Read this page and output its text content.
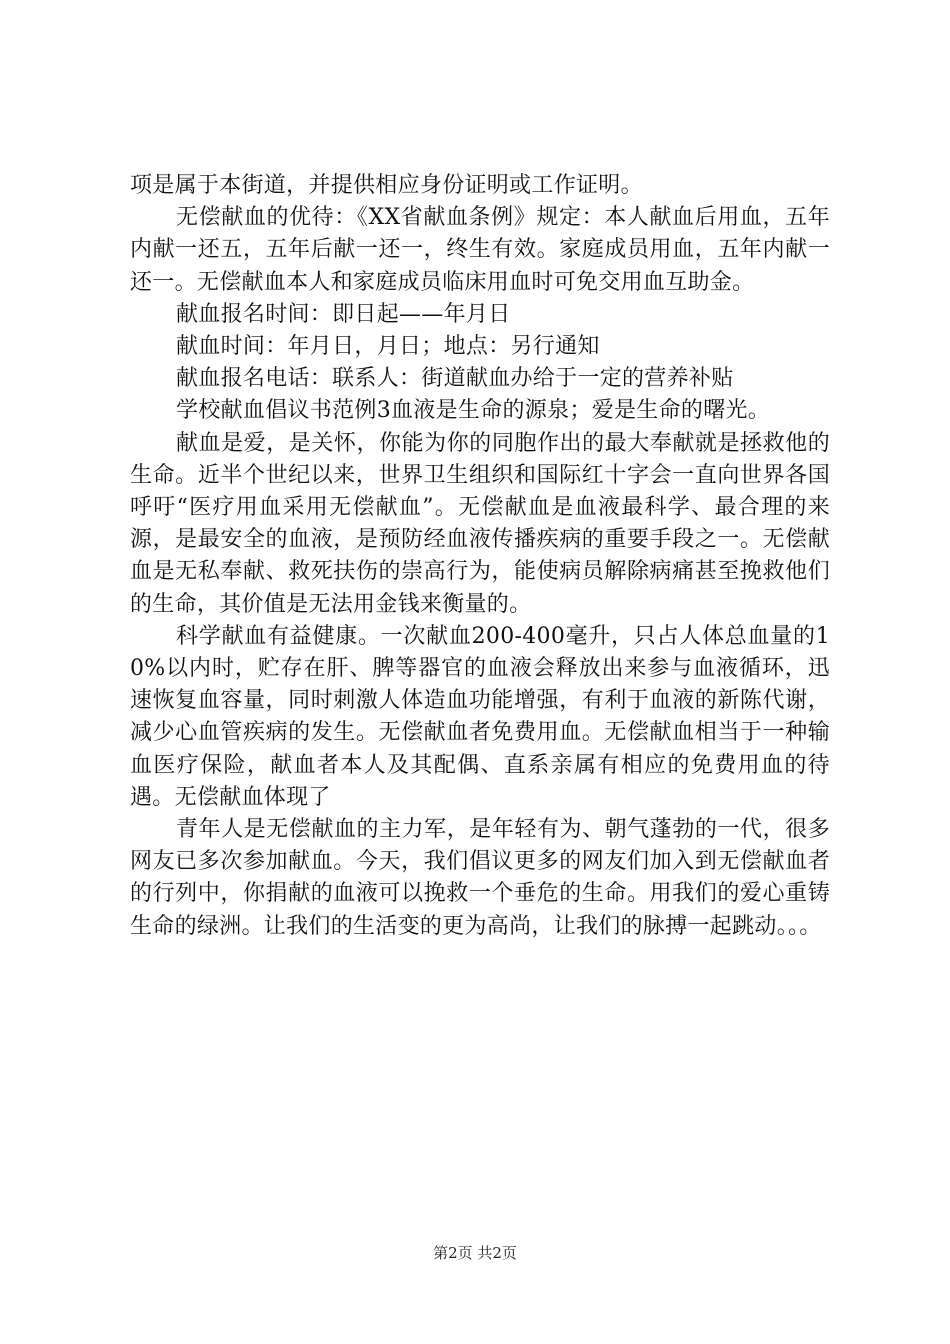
项是属于本街道，并提供相应身份证明或工作证明。

无偿献血的优待：《XX省献血条例》规定：本人献血后用血，五年内献一还五，五年后献一还一，终生有效。家庭成员用血，五年内献一还一。无偿献血本人和家庭成员临床用血时可免交用血互助金。

献血报名时间：即日起——年月日

献血时间：年月日，月日；地点：另行通知

献血报名电话：联系人：街道献血办给于一定的营养补贴

学校献血倡议书范例3血液是生命的源泉；爱是生命的曙光。

献血是爱，是关怀，你能为你的同胞作出的最大奉献就是拯救他的生命。近半个世纪以来，世界卫生组织和国际红十字会一直向世界各国呼吁“医疗用血采用无偿献血”。无偿献血是血液最科学、最合理的来源，是最安全的血液，是预防经血液传播疾病的重要手段之一。无偿献血是无私奉献、救死扶伤的崇高行为，能使病员解除病痛甚至挽救他们的生命，其价值是无法用金钱来衡量的。

科学献血有益健康。一次献血200-400毫升，只占人体总血量的10%以内时，贮存在肝、脾等器官的血液会释放出来参与血液循环，迅速恢复血容量，同时刺激人体造血功能增强，有利于血液的新陈代谢，减少心血管疾病的发生。无偿献血者免费用血。无偿献血相当于一种输血医疗保险，献血者本人及其配偶、直系亲属有相应的免费用血的待遇。无偿献血体现了

青年人是无偿献血的主力军，是年轻有为、朝气蓬勃的一代，很多网友已多次参加献血。今天，我们倡议更多的网友们加入到无偿献血者的行列中，你捐献的血液可以挽救一个垂危的生命。用我们的爱心重铸生命的绿洲。让我们的生活变的更为高尚，让我们的脉搏一起跳动。。。

第2页 共2页
